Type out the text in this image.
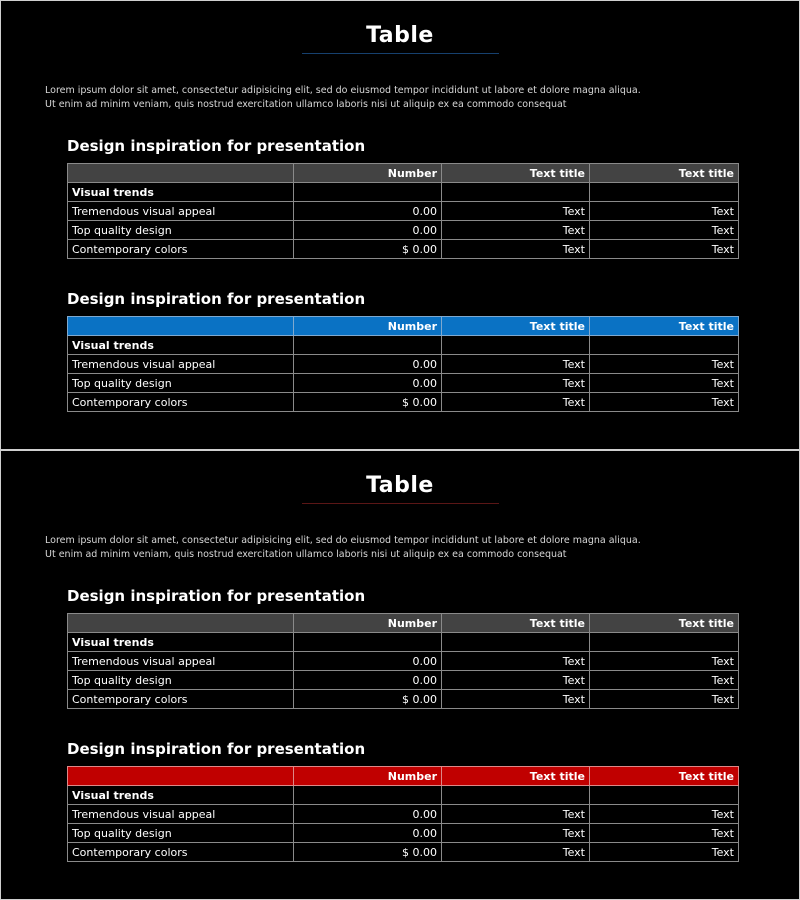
Table
Lorem ipsum dolor sit amet, consectetur adipisicing elit, sed do eiusmod tempor incididunt ut labore et dolore magna aliqua.
Ut enim ad minim veniam, quis nostrud exercitation ullamco laboris nisi ut aliquip ex ea commodo consequat
Design inspiration for presentation
	Number	Text title	Text title
Visual trends			
Tremendous visual appeal	0.00	Text	Text
Top quality design	0.00	Text	Text
Contemporary colors	$ 0.00	Text	Text
Design inspiration for presentation
	Number	Text title	Text title
Visual trends			
Tremendous visual appeal	0.00	Text	Text
Top quality design	0.00	Text	Text
Contemporary colors	$ 0.00	Text	Text
Table
Lorem ipsum dolor sit amet, consectetur adipisicing elit, sed do eiusmod tempor incididunt ut labore et dolore magna aliqua.
Ut enim ad minim veniam, quis nostrud exercitation ullamco laboris nisi ut aliquip ex ea commodo consequat
Design inspiration for presentation
	Number	Text title	Text title
Visual trends			
Tremendous visual appeal	0.00	Text	Text
Top quality design	0.00	Text	Text
Contemporary colors	$ 0.00	Text	Text
Design inspiration for presentation
	Number	Text title	Text title
Visual trends			
Tremendous visual appeal	0.00	Text	Text
Top quality design	0.00	Text	Text
Contemporary colors	$ 0.00	Text	Text
